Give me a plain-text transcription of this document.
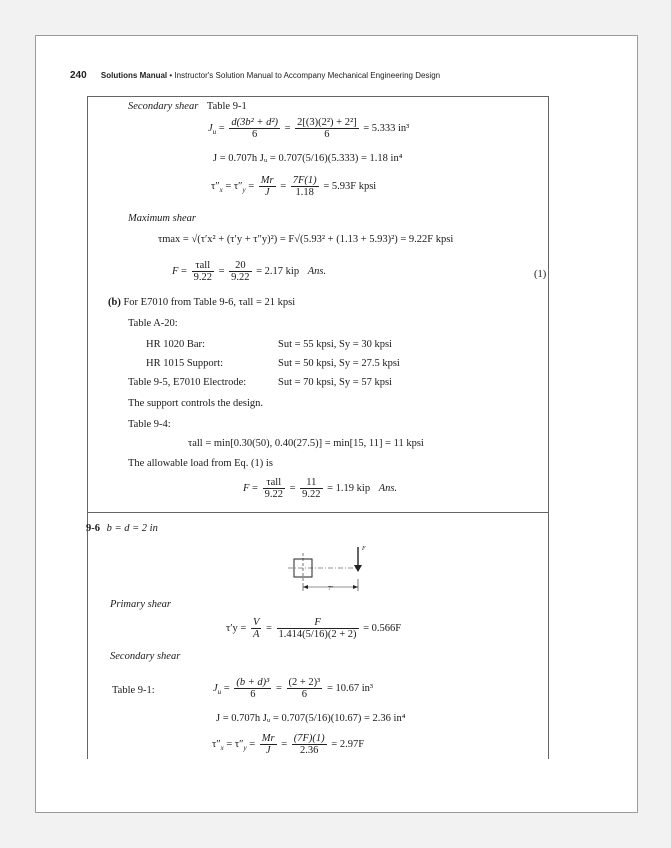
240 Solutions Manual • Instructor's Solution Manual to Accompany Mechanical Engineering Design
Secondary shear Table 9-1
$J_u = \frac{\text{d(3b² + d²)}}{6} = \frac{\text{2[(3)(2²) + 2²]}}{6} = 5.333$ in³
J = 0.707h Jᵤ = 0.707(5/16)(5.333) = 1.18 in⁴
$\tau''_x = \tau''_y = \frac{Mr}{J} = \frac{7F(1)}{1.18} = 5.93F$ kpsi
Maximum shear
τmax = √(τ′x² + (τ′y + τ″y)²) = F√(5.93² + (1.13 + 5.93)²) = 9.22F kpsi
$F = \frac{\text{τall}}{9.22} = \frac{20}{9.22} = 2.17$ kip Ans.	(1)
(b) For E7010 from Table 9-6, τall = 21 kpsi
Table A-20:
HR 1020 Bar:	Sut = 55 kpsi, Sy = 30 kpsi
HR 1015 Support:	Sut = 50 kpsi, Sy = 27.5 kpsi
Table 9-5, E7010 Electrode:	Sut = 70 kpsi, Sy = 57 kpsi
The support controls the design.
Table 9-4:
τall = min[0.30(50), 0.40(27.5)] = min[15, 11] = 11 kpsi
The allowable load from Eq. (1) is
$F = \frac{\text{τall}}{9.22} = \frac{11}{9.22} = 1.19$ kip Ans.
9-6 b = d = 2 in
F
7"
Primary shear
$\tau'y = \frac{V}{A} = \frac{F}{1.414(5/16)(2 + 2)} = 0.566F$
Secondary shear
Table 9-1:	$J_u = \frac{\text{(b + d)³}}{6} = \frac{\text{(2 + 2)³}}{6} = 10.67$ in³
J = 0.707h Jᵤ = 0.707(5/16)(10.67) = 2.36 in⁴
$\tau''_x = \tau''_y = \frac{Mr}{J} = \frac{(7F)(1)}{2.36} = 2.97F$
